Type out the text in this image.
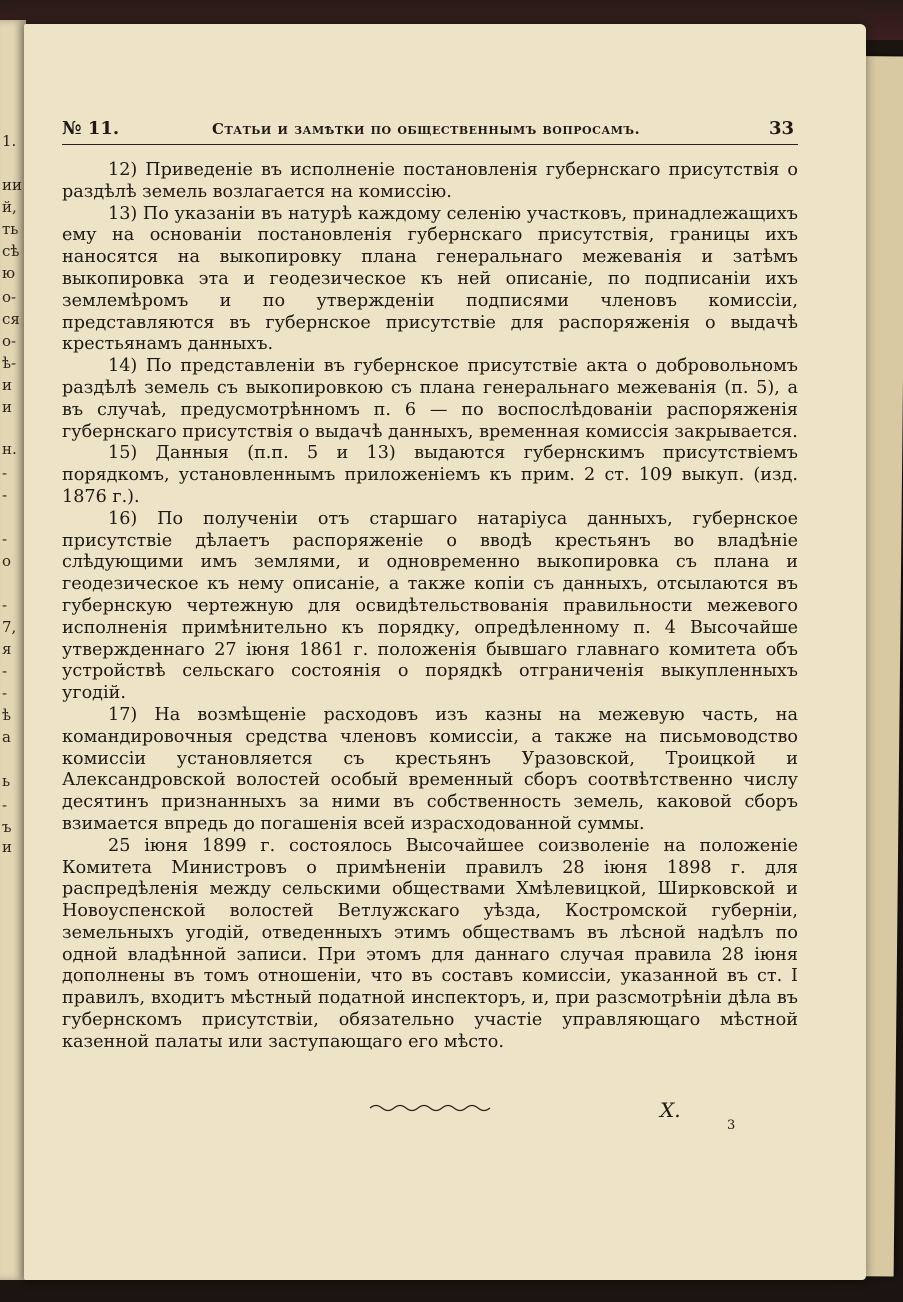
1.
ии
й,
ть
сѣ
ю
о-
ся
о-
ѣ-
и
и
н.
-
-
-
о
-
7,
я
-
-
ѣ
а
ь
-
ъ
и
№ 11.	Статьи и замѣтки по общественнымъ вопросамъ.	33

12) Приведеніе въ исполненіе постановленія губернскаго присутствія о раздѣлѣ земель возлагается на комиссію.

13) По указаніи въ натурѣ каждому селенію участковъ, принадлежащихъ ему на основаніи постановленія губернскаго присутствія, границы ихъ наносятся на выкопировку плана генеральнаго межеванія и затѣмъ выкопировка эта и геодезическое къ ней описаніе, по подписаніи ихъ землемѣромъ и по утвержденіи подписями членовъ комиссіи, представляются въ губернское присутствіе для распоряженія о выдачѣ крестьянамъ данныхъ.

14) По представленіи въ губернское присутствіе акта о добровольномъ раздѣлѣ земель съ выкопировкою съ плана генеральнаго межеванія (п. 5), а въ случаѣ, предусмотрѣнномъ п. 6 — по воспослѣдованіи распоряженія губернскаго присутствія о выдачѣ данныхъ, временная комиссія закрывается.

15) Данныя (п.п. 5 и 13) выдаются губернскимъ присутствіемъ порядкомъ, установленнымъ приложеніемъ къ прим. 2 ст. 109 выкуп. (изд. 1876 г.).

16) По полученіи отъ старшаго натаріуса данныхъ, губернское присутствіе дѣлаетъ распоряженіе о вводѣ крестьянъ во владѣніе слѣдующими имъ землями, и одновременно выкопировка съ плана и геодезическое къ нему описаніе, а также копіи съ данныхъ, отсылаются въ губернскую чертежную для освидѣтельствованія правильности межевого исполненія примѣнительно къ порядку, опредѣленному п. 4 Высочайше утвержденнаго 27 іюня 1861 г. положенія бывшаго главнаго комитета объ устройствѣ сельскаго состоянія о порядкѣ отграниченія выкупленныхъ угодій.

17) На возмѣщеніе расходовъ изъ казны на межевую часть, на командировочныя средства членовъ комиссіи, а также на письмоводство комиссіи установляется съ крестьянъ Уразовской, Троицкой и Александровской волостей особый временный сборъ соотвѣтственно числу десятинъ признанныхъ за ними въ собственность земель, каковой сборъ взимается впредь до погашенія всей израсходованной суммы.

25 іюня 1899 г. состоялось Высочайшее соизволеніе на положеніе Комитета Министровъ о примѣненіи правилъ 28 іюня 1898 г. для распредѣленія между сельскими обществами Хмѣлевицкой, Ширковской и Новоуспенской волостей Ветлужскаго уѣзда, Костромской губерніи, земельныхъ угодій, отведенныхъ этимъ обществамъ въ лѣсной надѣлъ по одной владѣнной записи. При этомъ для даннаго случая правила 28 іюня дополнены въ томъ отношеніи, что въ составъ комиссіи, указанной въ ст. I правилъ, входитъ мѣстный податной инспекторъ, и, при разсмотрѣніи дѣла въ губернскомъ присутствіи, обязательно участіе управляющаго мѣстной казенной палаты или заступающаго его мѣсто.

X.
3
